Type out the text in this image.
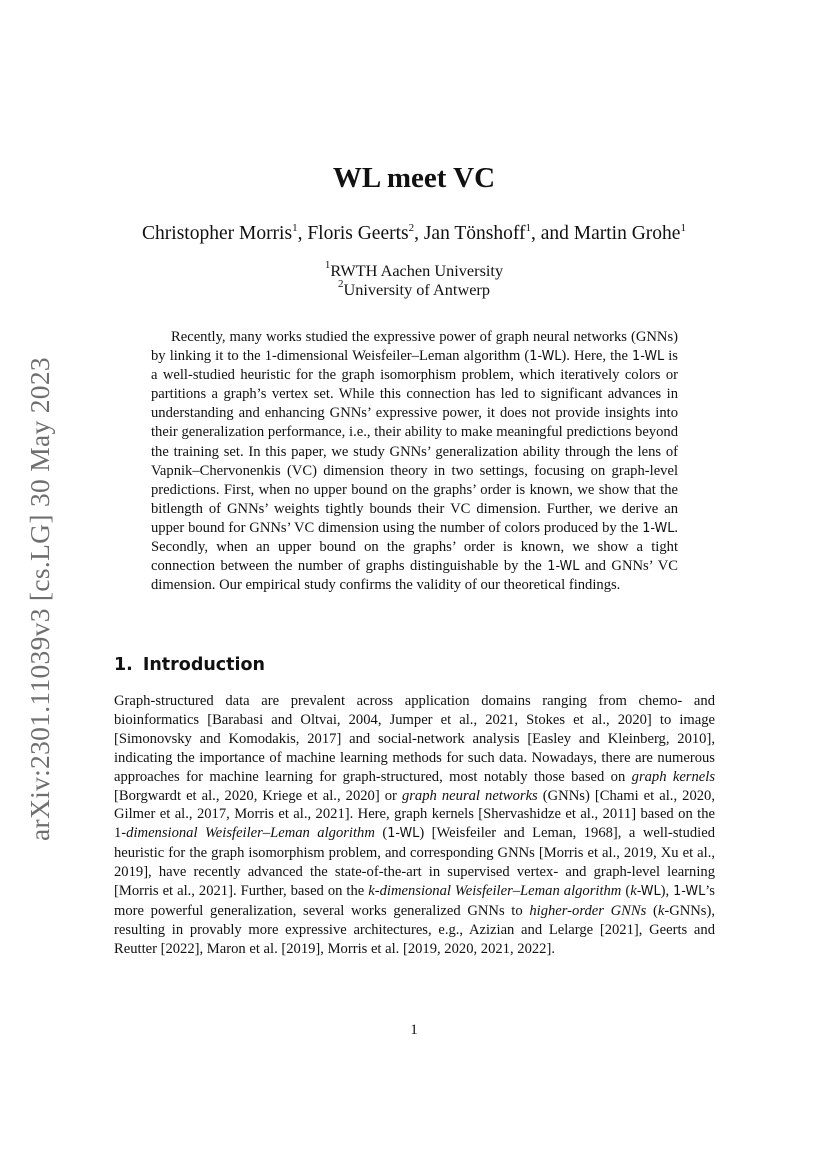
arXiv:2301.11039v3 [cs.LG] 30 May 2023
WL meet VC
Christopher Morris$^1$, Floris Geerts$^2$, Jan Tönshoff$^1$, and Martin Grohe$^1$
$^1$RWTH Aachen University
$^2$University of Antwerp
Recently, many works studied the expressive power of graph neural networks (GNNs) by linking it to the 1-dimensional Weisfeiler–Leman algorithm (1-WL). Here, the 1-WL is a well-studied heuristic for the graph isomorphism problem, which iteratively colors or partitions a graph’s vertex set. While this connection has led to significant advances in understanding and enhancing GNNs’ expressive power, it does not provide insights into their generalization performance, i.e., their ability to make meaningful predictions beyond the training set. In this paper, we study GNNs’ generalization ability through the lens of Vapnik–Chervonenkis (VC) dimension theory in two settings, focusing on graph-level predictions. First, when no upper bound on the graphs’ order is known, we show that the bitlength of GNNs’ weights tightly bounds their VC dimension. Further, we derive an upper bound for GNNs’ VC dimension using the number of colors produced by the 1-WL. Secondly, when an upper bound on the graphs’ order is known, we show a tight connection between the number of graphs distinguishable by the 1-WL and GNNs’ VC dimension. Our empirical study confirms the validity of our theoretical findings.
1. Introduction
Graph-structured data are prevalent across application domains ranging from chemo- and bioinformatics [Barabasi and Oltvai, 2004, Jumper et al., 2021, Stokes et al., 2020] to image [Simonovsky and Komodakis, 2017] and social-network analysis [Easley and Kleinberg, 2010], indicating the importance of machine learning methods for such data. Nowadays, there are numerous approaches for machine learning for graph-structured, most notably those based on graph kernels [Borgwardt et al., 2020, Kriege et al., 2020] or graph neural networks (GNNs) [Chami et al., 2020, Gilmer et al., 2017, Morris et al., 2021]. Here, graph kernels [Shervashidze et al., 2011] based on the 1-dimensional Weisfeiler–Leman algorithm (1-WL) [Weisfeiler and Leman, 1968], a well-studied heuristic for the graph isomorphism problem, and corresponding GNNs [Morris et al., 2019, Xu et al., 2019], have recently advanced the state-of-the-art in supervised vertex- and graph-level learning [Morris et al., 2021]. Further, based on the k-dimensional Weisfeiler–Leman algorithm (k-WL), 1-WL’s more powerful generalization, several works generalized GNNs to higher-order GNNs (k-GNNs), resulting in provably more expressive architectures, e.g., Azizian and Lelarge [2021], Geerts and Reutter [2022], Maron et al. [2019], Morris et al. [2019, 2020, 2021, 2022].
1
